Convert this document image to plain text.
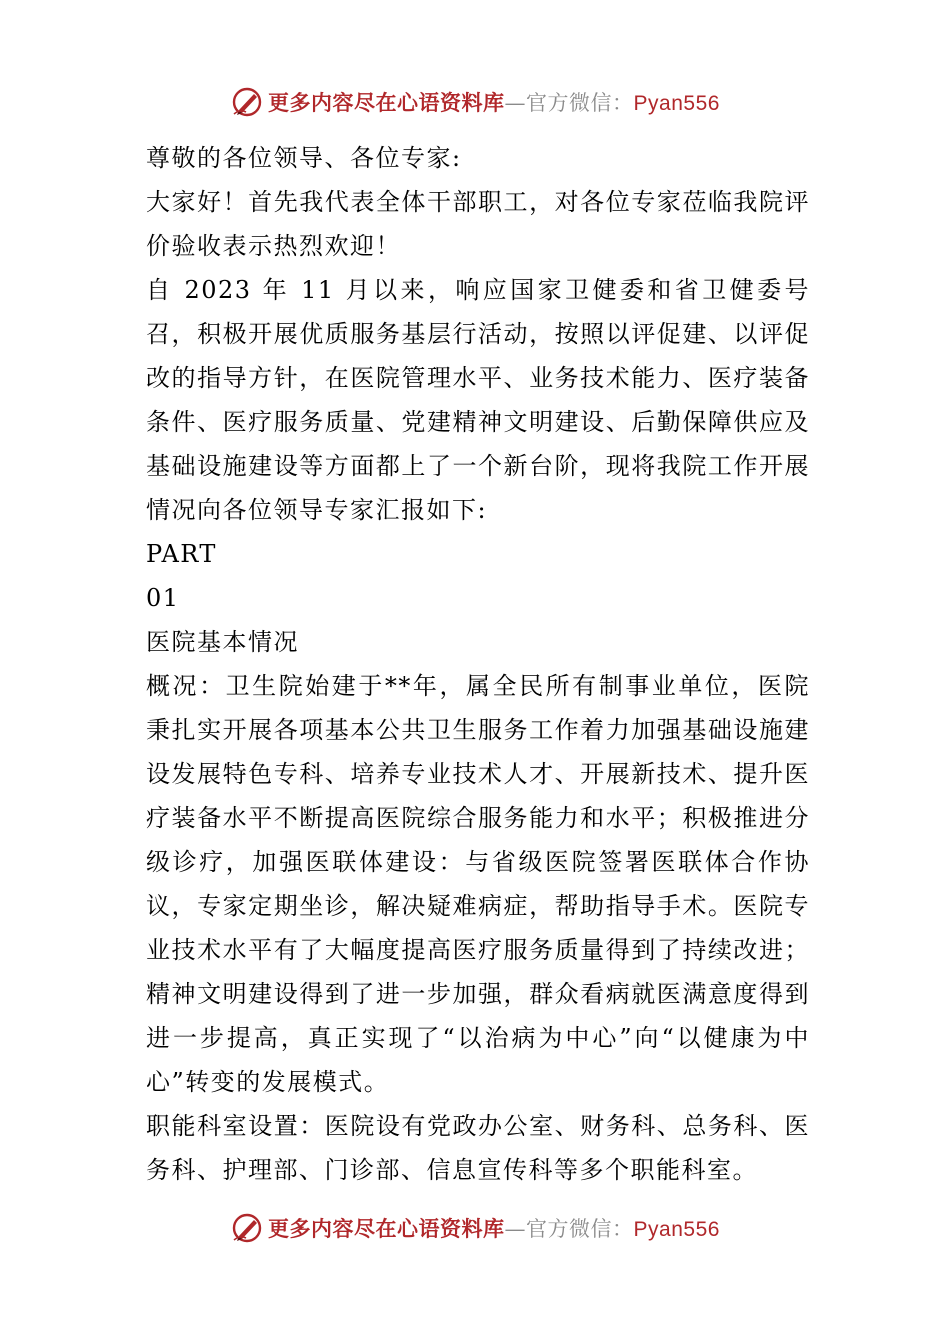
更多内容尽在心语资料库—官方微信：Pyan556

尊敬的各位领导、各位专家:

大家好！首先我代表全体干部职工，对各位专家莅临我院评价验收表示热烈欢迎！

自 2023 年 11 月以来，响应国家卫健委和省卫健委号召，积极开展优质服务基层行活动，按照以评促建、以评促改的指导方针，在医院管理水平、业务技术能力、医疗装备条件、医疗服务质量、党建精神文明建设、后勤保障供应及基础设施建设等方面都上了一个新台阶，现将我院工作开展情况向各位领导专家汇报如下:

PART

01

医院基本情况

概况：卫生院始建于**年，属全民所有制事业单位，医院秉扎实开展各项基本公共卫生服务工作着力加强基础设施建设发展特色专科、培养专业技术人才、开展新技术、提升医疗装备水平不断提高医院综合服务能力和水平；积极推进分级诊疗，加强医联体建设：与省级医院签署医联体合作协议，专家定期坐诊，解决疑难病症，帮助指导手术。医院专业技术水平有了大幅度提高医疗服务质量得到了持续改进；精神文明建设得到了进一步加强，群众看病就医满意度得到进一步提高，真正实现了“以治病为中心”向“以健康为中心”转变的发展模式。

职能科室设置：医院设有党政办公室、财务科、总务科、医务科、护理部、门诊部、信息宣传科等多个职能科室。

更多内容尽在心语资料库—官方微信：Pyan556
